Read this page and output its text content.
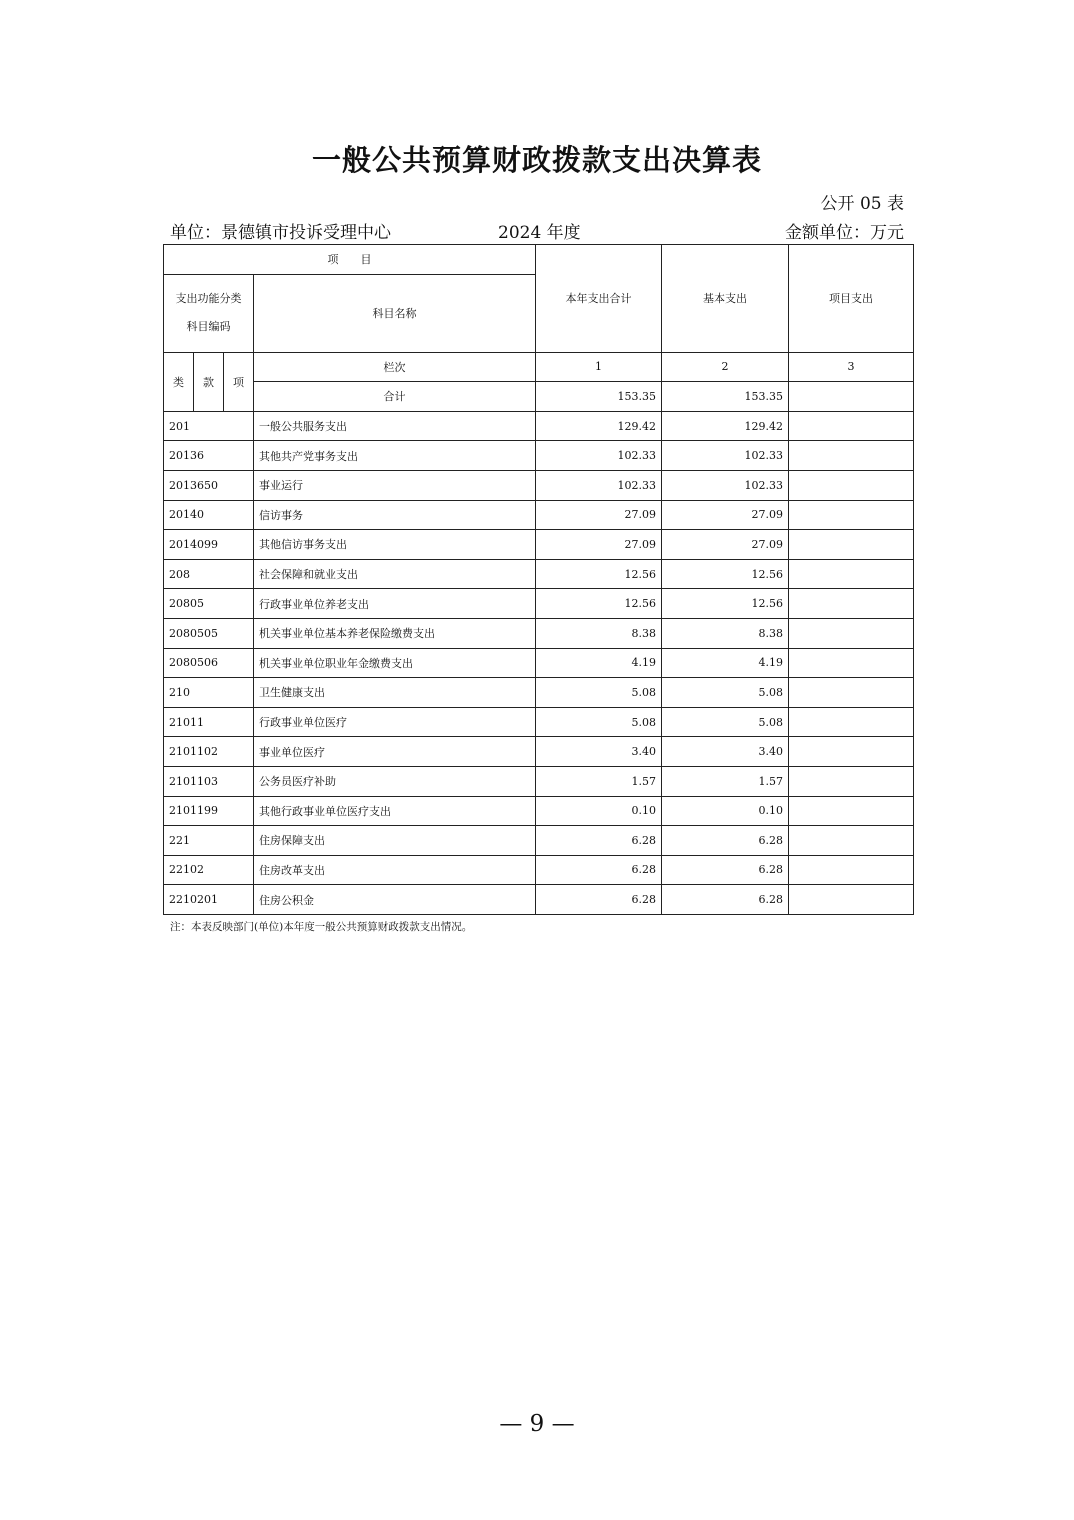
一般公共预算财政拨款支出决算表
公开 05 表
单位：景德镇市投诉受理中心	2024 年度	金额单位：万元
项　　目				本年支出合计	基本支出	项目支出
支出功能分类科目编码			科目名称			
类	款	项	栏次	1	2	3
			合计	153.35	153.35	
201			一般公共服务支出	129.42	129.42	
20136			其他共产党事务支出	102.33	102.33	
2013650			事业运行	102.33	102.33	
20140			信访事务	27.09	27.09	
2014099			其他信访事务支出	27.09	27.09	
208			社会保障和就业支出	12.56	12.56	
20805			行政事业单位养老支出	12.56	12.56	
2080505			机关事业单位基本养老保险缴费支出	8.38	8.38	
2080506			机关事业单位职业年金缴费支出	4.19	4.19	
210			卫生健康支出	5.08	5.08	
21011			行政事业单位医疗	5.08	5.08	
2101102			事业单位医疗	3.40	3.40	
2101103			公务员医疗补助	1.57	1.57	
2101199			其他行政事业单位医疗支出	0.10	0.10	
221			住房保障支出	6.28	6.28	
22102			住房改革支出	6.28	6.28	
2210201			住房公积金	6.28	6.28	
注：本表反映部门(单位)本年度一般公共预算财政拨款支出情况。
— 9 —
